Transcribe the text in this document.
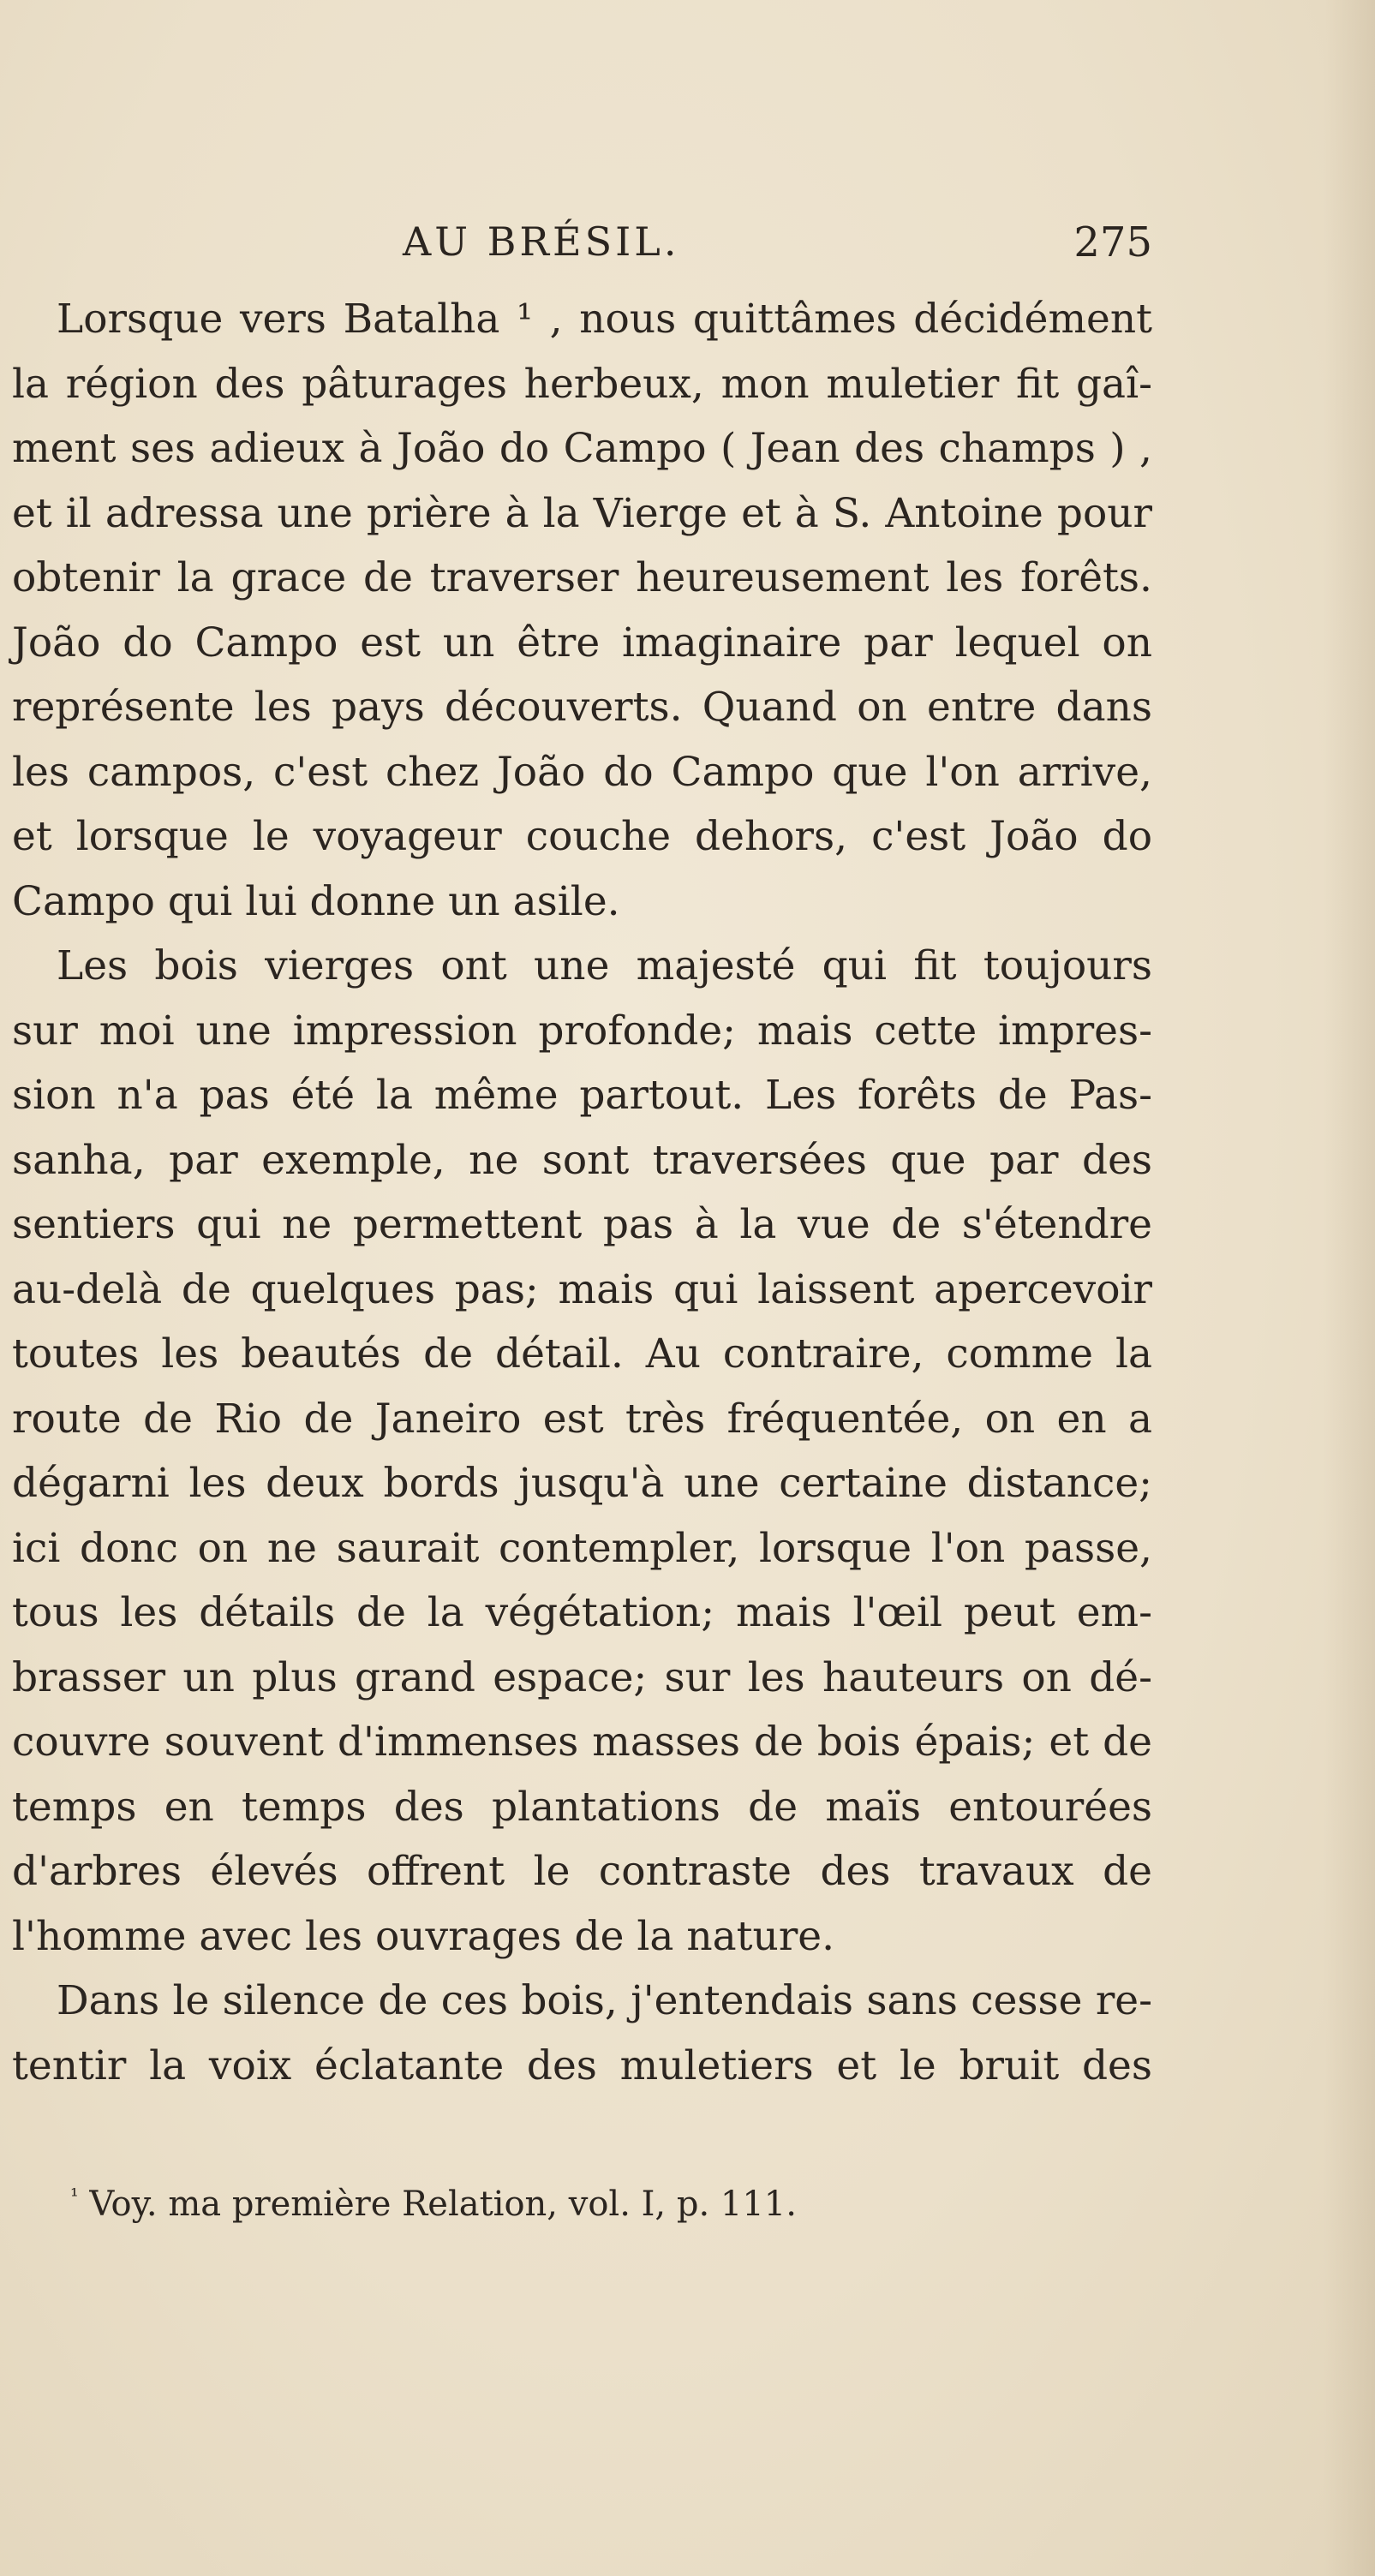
AU BRÉSIL.	275
Lorsque vers Batalha ¹ , nous quittâmes décidément
la région des pâturages herbeux, mon muletier fit gaî-
ment ses adieux à João do Campo ( Jean des champs ) ,
et il adressa une prière à la Vierge et à S. Antoine pour
obtenir la grace de traverser heureusement les forêts.
João do Campo est un être imaginaire par lequel on
représente les pays découverts. Quand on entre dans
les campos, c'est chez João do Campo que l'on arrive,
et lorsque le voyageur couche dehors, c'est João do
Campo qui lui donne un asile.
Les bois vierges ont une majesté qui fit toujours
sur moi une impression profonde; mais cette impres-
sion n'a pas été la même partout. Les forêts de Pas-
sanha, par exemple, ne sont traversées que par des
sentiers qui ne permettent pas à la vue de s'étendre
au-delà de quelques pas; mais qui laissent apercevoir
toutes les beautés de détail. Au contraire, comme la
route de Rio de Janeiro est très fréquentée, on en a
dégarni les deux bords jusqu'à une certaine distance;
ici donc on ne saurait contempler, lorsque l'on passe,
tous les détails de la végétation; mais l'œil peut em-
brasser un plus grand espace; sur les hauteurs on dé-
couvre souvent d'immenses masses de bois épais; et de
temps en temps des plantations de maïs entourées
d'arbres élevés offrent le contraste des travaux de
l'homme avec les ouvrages de la nature.
Dans le silence de ces bois, j'entendais sans cesse re-
tentir la voix éclatante des muletiers et le bruit des
$^{^1}$ Voy. ma première Relation, vol. I, p. 111.
